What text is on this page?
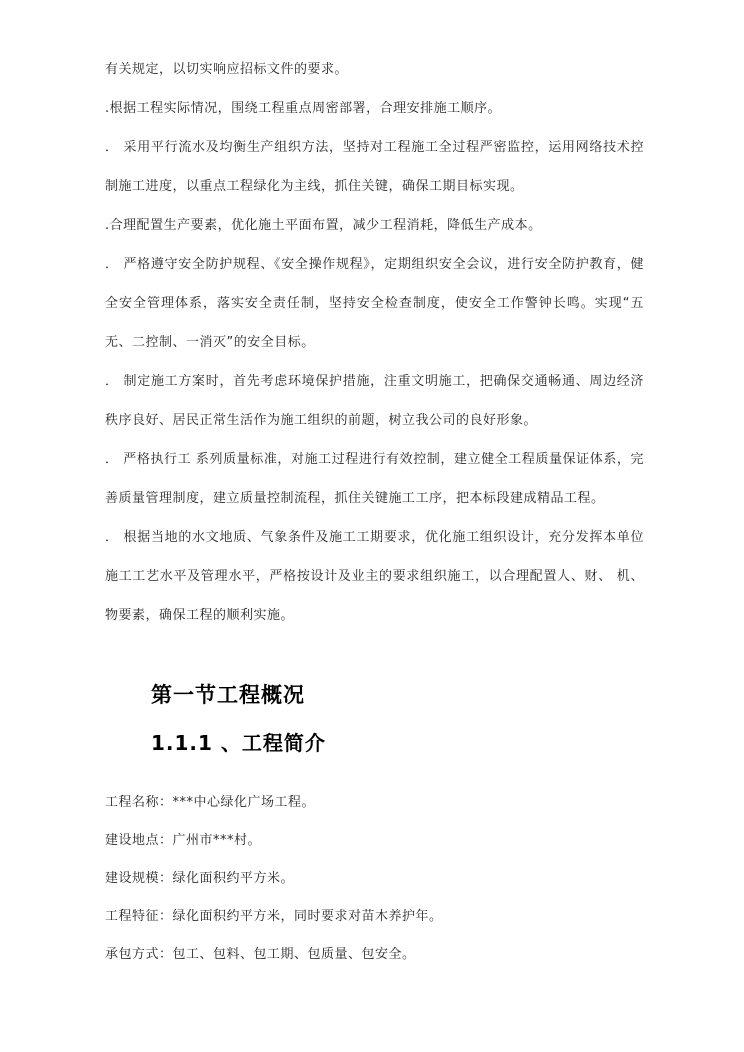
有关规定，以切实响应招标文件的要求。

.根据工程实际情况，围绕工程重点周密部署，合理安排施工顺序。

． 采用平行流水及均衡生产组织方法，坚持对工程施工全过程严密监控，运用网络技术控制施工进度，以重点工程绿化为主线，抓住关键，确保工期目标实现。

.合理配置生产要素，优化施土平面布置，减少工程消耗，降低生产成本。

． 严格遵守安全防护规程、《安全操作规程》，定期组织安全会议，进行安全防护教育，健全安全管理体系，落实安全责任制，坚持安全检查制度，使安全工作警钟长鸣。实现“五无、二控制、一消灭”的安全目标。

． 制定施工方案时，首先考虑环境保护措施，注重文明施工，把确保交通畅通、周边经济秩序良好、居民正常生活作为施工组织的前题，树立我公司的良好形象。

． 严格执行工 系列质量标准，对施工过程进行有效控制，建立健全工程质量保证体系，完善质量管理制度，建立质量控制流程，抓住关键施工工序，把本标段建成精品工程。

． 根据当地的水文地质、气象条件及施工工期要求，优化施工组织设计，充分发挥本单位施工工艺水平及管理水平，严格按设计及业主的要求组织施工，以合理配置人、财、 机、 物要素，确保工程的顺利实施。

第一节工程概况
1.1.1 、工程简介

工程名称：***中心绿化广场工程。

建设地点：广州市***村。

建设规模：绿化面积约平方米。

工程特征：绿化面积约平方米，同时要求对苗木养护年。

承包方式：包工、包料、包工期、包质量、包安全。
